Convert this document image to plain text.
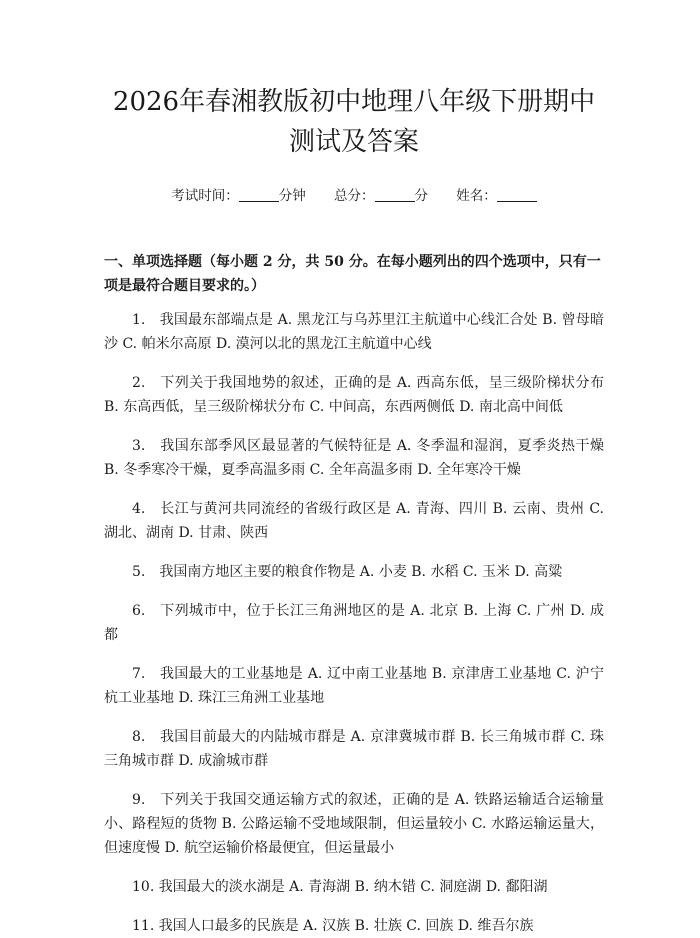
2026年春湘教版初中地理八年级下册期中测试及答案
考试时间：	分钟 总分：	分 姓名：
一、单项选择题（每小题 2 分，共 50 分。在每小题列出的四个选项中，只有一项是最符合题目要求的。）

1.　我国最东部端点是 A. 黑龙江与乌苏里江主航道中心线汇合处 B. 曾母暗沙 C. 帕米尔高原 D. 漠河以北的黑龙江主航道中心线

2.　下列关于我国地势的叙述，正确的是 A. 西高东低，呈三级阶梯状分布 B. 东高西低，呈三级阶梯状分布 C. 中间高，东西两侧低 D. 南北高中间低

3.　我国东部季风区最显著的气候特征是 A. 冬季温和湿润，夏季炎热干燥 B. 冬季寒冷干燥，夏季高温多雨 C. 全年高温多雨 D. 全年寒冷干燥

4.　长江与黄河共同流经的省级行政区是 A. 青海、四川 B. 云南、贵州 C. 湖北、湖南 D. 甘肃、陕西

5.　我国南方地区主要的粮食作物是 A. 小麦 B. 水稻 C. 玉米 D. 高粱

6.　下列城市中，位于长江三角洲地区的是 A. 北京 B. 上海 C. 广州 D. 成都

7.　我国最大的工业基地是 A. 辽中南工业基地 B. 京津唐工业基地 C. 沪宁杭工业基地 D. 珠江三角洲工业基地

8.　我国目前最大的内陆城市群是 A. 京津冀城市群 B. 长三角城市群 C. 珠三角城市群 D. 成渝城市群

9.　下列关于我国交通运输方式的叙述，正确的是 A. 铁路运输适合运输量小、路程短的货物 B. 公路运输不受地域限制，但运量较小 C. 水路运输运量大，但速度慢 D. 航空运输价格最便宜，但运量最小

10. 我国最大的淡水湖是 A. 青海湖 B. 纳木错 C. 洞庭湖 D. 鄱阳湖

11. 我国人口最多的民族是 A. 汉族 B. 壮族 C. 回族 D. 维吾尔族
